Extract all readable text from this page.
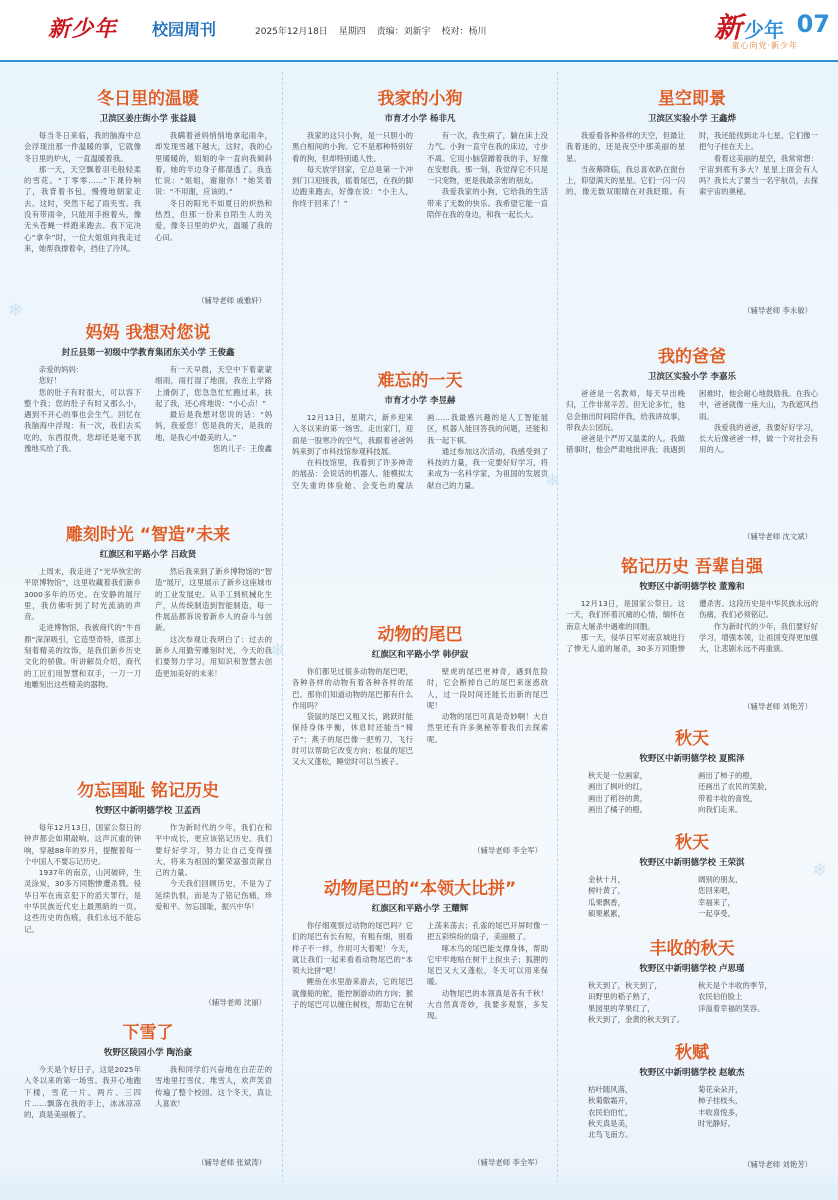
新少年 校园周刊	2025年12月18日 星期四 责编：刘新宇 校对：杨川	新 少年
童心向党·新少年
07
冬日里的温暖
卫滨区姜庄街小学 张益晨

每当冬日来临，我的脑海中总会浮现出那一件温暖的事，它就像冬日里的炉火，一直温暖着我。

那一天，天空飘着羽毛般轻柔的雪花。“丁零零……”下课铃响了，我背着书包，慢慢地朝家走去。这时，突然下起了雨夹雪。我没有带雨伞，只能用手抱着头，像无头苍蝇一样跑来跑去。我下定决心“拿伞”时，一位大姐姐向我走过来，她帮我撑着伞，挡住了冷风。

我瞒着爸妈悄悄地拿起雨伞，却发现雪越下越大，这时，我的心里暖暖的，姐姐的伞一直向我倾斜着，她的半边身子都湿透了。我连忙说：“姐姐，谢谢你！”她笑着说：“不用谢，应该的。”

冬日的阳光不如夏日的炽热和热烈，但那一份来自陌生人的关爱，像冬日里的炉火，温暖了我的心田。

（辅导老师 戚雅轩）
妈妈 我想对您说
封丘县第一初级中学教育集团东关小学 王俊鑫

亲爱的妈妈：

您好！

您的肚子有时很大，可以容下整个我；您的肚子有时又那么小，遇到不开心的事也会生气。回忆在我脑海中浮现：有一次，我们去买吃的，东西很贵，您却还是毫不犹豫地买给了我。

有一天早晨，天空中下着蒙蒙细雨，雨打湿了地面，我在上学路上滑倒了，您急急忙忙跑过来，扶起了我，还心疼地说：“小心点！”

最后是我想对您说的话：“妈妈，我爱您！您是我的天，是我的地，是我心中最美的人。”

您的儿子：王俊鑫

雕刻时光 “智造”未来
红旗区和平路小学 吕政贤

上周末，我走进了“光华恢宏的平原博物馆”，这里收藏着我们新乡3000多年的历史。在安静的展厅里，我仿佛听到了时光流淌的声音。

走进博物馆，我被商代的“牛首鼎”深深吸引，它造型奇特，底部上刻着精美的纹饰，是我们新乡历史文化的骄傲。听讲解员介绍，商代的工匠们用智慧和双手，一刀一刀地雕刻出这些精美的器物。

然后我来到了新乡博物馆的“智造”展厅，这里展示了新乡这座城市的工业发展史。从手工到机械化生产，从传统制造到智能制造，每一件展品都诉说着新乡人的奋斗与创新。

这次参观让我明白了：过去的新乡人用勤劳雕刻时光，今天的我们要努力学习，用知识和智慧去创造更加美好的未来！

勿忘国耻 铭记历史
牧野区中新明德学校 卫孟西

每年12月13日，国家公祭日的钟声都会如期敲响。这声沉重的钟响，穿越88年的岁月，提醒着每一个中国人不要忘记历史。

1937年的南京，山河破碎，生灵涂炭，30多万同胞惨遭杀戮。侵华日军在南京犯下的滔天罪行，是中华民族近代史上最黑暗的一页。这些历史的伤痕，我们永远不能忘记。

作为新时代的少年，我们在和平中成长，更应该铭记历史。我们要好好学习，努力让自己变得强大，将来为祖国的繁荣富强贡献自己的力量。

今天我们回顾历史，不是为了延续仇恨，而是为了铭记伤痛，珍爱和平。勿忘国耻，振兴中华！

（辅导老师 沈丽）
下雪了
牧野区陵园小学 陶治豪

今天是个好日子，这是2025年入冬以来的第一场雪。我开心地跑下楼，雪花一片、两片、三四片……飘落在我的手上，冰冰凉凉的，真是美丽极了。

我和同学们兴奋地在白茫茫的雪地里打雪仗、堆雪人，欢声笑语传遍了整个校园。这个冬天，真让人喜欢！

（辅导老师 张斌涛）
我家的小狗
市育才小学 杨非凡

我家的这只小狗，是一只胆小的黑白相间的小狗。它不是那种特别好看的狗，但却特别通人性。

每天放学回家，它总是第一个冲到门口迎接我，摇着尾巴，在我的脚边跑来跑去，好像在说：“小主人，你终于回来了！”

有一次，我生病了，躺在床上没力气。小狗一直守在我的床边，寸步不离。它用小脑袋蹭着我的手，好像在安慰我。那一刻，我觉得它不只是一只宠物，更是我最亲密的朋友。

我爱我家的小狗，它给我的生活带来了无数的快乐。我希望它能一直陪伴在我的身边，和我一起长大。

难忘的一天
市育才小学 李昱赫

12月13日，星期六，新乡迎来入冬以来的第一场雪。走出家门，迎面是一股寒冷的空气，我跟着爸爸妈妈来到了市科技馆参观科技展。

在科技馆里，我看到了许多神奇的展品：会说话的机器人、能模拟太空失重的体验舱、会变色的魔法画……我最感兴趣的是人工智能展区，机器人能回答我的问题，还能和我一起下棋。

通过参加这次活动，我感受到了科技的力量，我一定要好好学习，将来成为一名科学家，为祖国的发展贡献自己的力量。

动物的尾巴
红旗区和平路小学 韩伊寂

你们都见过很多动物的尾巴吧，各种各样的动物有着各种各样的尾巴。那你们知道动物的尾巴都有什么作用吗？

袋鼠的尾巴又粗又长，跳跃时能保持身体平衡，休息时还能当“椅子”；燕子的尾巴像一把剪刀，飞行时可以帮助它改变方向；松鼠的尾巴又大又蓬松，睡觉时可以当被子。

壁虎的尾巴更神奇，遇到危险时，它会断掉自己的尾巴来迷惑敌人，过一段时间还能长出新的尾巴呢！

动物的尾巴可真是奇妙啊！大自然里还有许多奥秘等着我们去探索呢。

（辅导老师 李全军）
动物尾巴的“本领大比拼”
红旗区和平路小学 王耀辉

你仔细观察过动物的尾巴吗？它们的尾巴有长有短，有粗有细，别看样子不一样，作用可大着呢！今天，就让我们一起来看看动物尾巴的“本领大比拼”吧！

鲤鱼在水里游来游去，它的尾巴就像船的舵，能控制游动的方向；猴子的尾巴可以缠住树枝，帮助它在树上荡来荡去；孔雀的尾巴开屏时像一把五彩缤纷的扇子，美丽极了。

啄木鸟的尾巴能支撑身体，帮助它牢牢地贴在树干上捉虫子；狐狸的尾巴又大又蓬松，冬天可以用来保暖。

动物尾巴的本领真是各有千秋！大自然真奇妙，我要多观察，多发现。

（辅导老师 李全军）
星空即景
卫滨区实验小学 王鑫烨

我爱看各种各样的天空，但最让我着迷的，还是夜空中那美丽的星星。

当夜幕降临，我总喜欢趴在窗台上，仰望满天的星星。它们一闪一闪的，像无数双眼睛在对我眨眼。有时，我还能找到北斗七星，它们像一把勺子挂在天上。

看着这美丽的星空，我常常想：宇宙到底有多大？星星上面会有人吗？我长大了要当一名宇航员，去探索宇宙的奥秘。

（辅导老师 李永敏）
我的爸爸
卫滨区实验小学 李嘉乐

爸爸是一名教师，每天早出晚归，工作非常辛苦。但无论多忙，他总会抽出时间陪伴我，给我讲故事，带我去公园玩。

爸爸是个严厉又温柔的人。我做错事时，他会严肃地批评我；我遇到困难时，他会耐心地鼓励我。在我心中，爸爸就像一座大山，为我遮风挡雨。

我爱我的爸爸，我要好好学习，长大后像爸爸一样，做一个对社会有用的人。

（辅导老师 沈文斌）
铭记历史 吾辈自强
牧野区中新明德学校 董豫和

12月13日，是国家公祭日。这一天，我们怀着沉痛的心情，缅怀在南京大屠杀中遇难的同胞。

那一天，侵华日军对南京城进行了惨无人道的屠杀，30多万同胞惨遭杀害。这段历史是中华民族永远的伤痛，我们必须铭记。

作为新时代的少年，我们要好好学习，增强本领，让祖国变得更加强大，让悲剧永远不再重演。

（辅导老师 刘艳芳）
秋天
牧野区中新明德学校 夏熙泽
秋天是一位画家，
画出了枫叶的红，
画出了稻谷的黄，
画出了橘子的橙。
画出了柿子的橙，
还画出了农民的笑脸，
带着丰收的喜悦，
向我们走来。
秋天
牧野区中新明德学校 王荣淇
金秋十月，
树叶黄了，
瓜果飘香，
硕果累累，
阔别的朋友，
您回来吧，
幸福来了，
一起享受。
丰收的秋天
牧野区中新明德学校 卢思瑾
秋天到了，秋天到了，
田野里的稻子熟了，
果园里的苹果红了，
秋天到了，金黄的秋天到了。
秋天是个丰收的季节，
农民伯伯脸上
洋溢着幸福的笑容。
秋赋
牧野区中新明德学校 赵敏杰
枯叶随风落，
秋菊傲霜开，
农民伯伯忙，
秋天真是美，
北鸟飞南方。
菊花朵朵开，
柿子挂枝头，
丰收喜悦多，
时光静好。
（辅导老师 刘艳芳）
❄
❄
❄
❄
